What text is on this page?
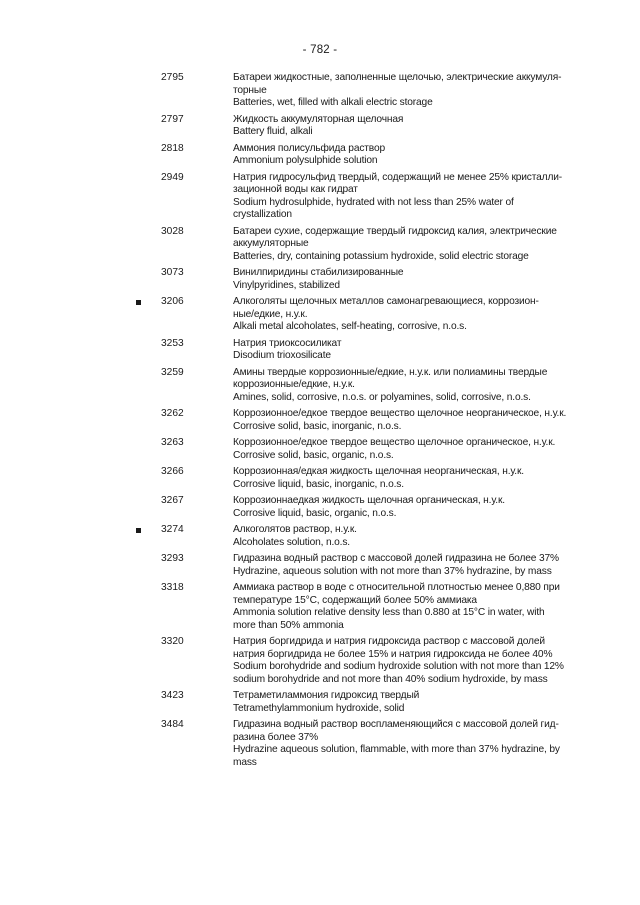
- 782 -
2795	Батареи жидкостные, заполненные щелочью, электрические аккумуля-
торные
Batteries, wet, filled with alkali electric storage
2797	Жидкость аккумуляторная щелочная
Battery fluid, alkali
2818	Аммония полисульфида раствор
Ammonium polysulphide solution
2949	Натрия гидросульфид твердый, содержащий не менее 25% кристалли-
зационной воды как гидрат
Sodium hydrosulphide, hydrated with not less than 25% water of
crystallization
3028	Батареи сухие, содержащие твердый гидроксид калия, электрические
аккумуляторные
Batteries, dry, containing potassium hydroxide, solid electric storage
3073	Винилпиридины стабилизированные
Vinylpyridines, stabilized
3206	Алкоголяты щелочных металлов самонагревающиеся, коррозион-
ные/едкие, н.у.к.
Alkali metal alcoholates, self-heating, corrosive, n.o.s.
3253	Натрия триоксосиликат
Disodium trioxosilicate
3259	Амины твердые коррозионные/едкие, н.у.к. или полиамины твердые
коррозионные/едкие, н.у.к.
Amines, solid, corrosive, n.o.s. or polyamines, solid, corrosive, n.o.s.
3262	Коррозионное/едкое твердое вещество щелочное неорганическое, н.у.к.
Corrosive solid, basic, inorganic, n.o.s.
3263	Коррозионное/едкое твердое вещество щелочное органическое, н.у.к.
Corrosive solid, basic, organic, n.o.s.
3266	Коррозионная/едкая жидкость щелочная неорганическая, н.у.к.
Corrosive liquid, basic, inorganic, n.o.s.
3267	Коррозионнаедкая жидкость щелочная органическая, н.у.к.
Corrosive liquid, basic, organic, n.o.s.
3274	Алкоголятов раствор, н.у.к.
Alcoholates solution, n.o.s.
3293	Гидразина водный раствор с массовой долей гидразина не более 37%
Hydrazine, aqueous solution with not more than 37% hydrazine, by mass
3318	Аммиака раствор в воде с относительной плотностью менее 0,880 при
температуре 15°С, содержащий более 50% аммиака
Ammonia solution relative density less than 0.880 at 15°C in water, with
more than 50% ammonia
3320	Натрия боргидрида и натрия гидроксида раствор с массовой долей
натрия боргидрида не более 15% и натрия гидроксида не более 40%
Sodium borohydride and sodium hydroxide solution with not more than 12%
sodium borohydride and not more than 40% sodium hydroxide, by mass
3423	Тетраметиламмония гидроксид твердый
Tetramethylammonium hydroxide, solid
3484	Гидразина водный раствор воспламеняющийся с массовой долей гид-
разина более 37%
Hydrazine aqueous solution, flammable, with more than 37% hydrazine, by
mass
